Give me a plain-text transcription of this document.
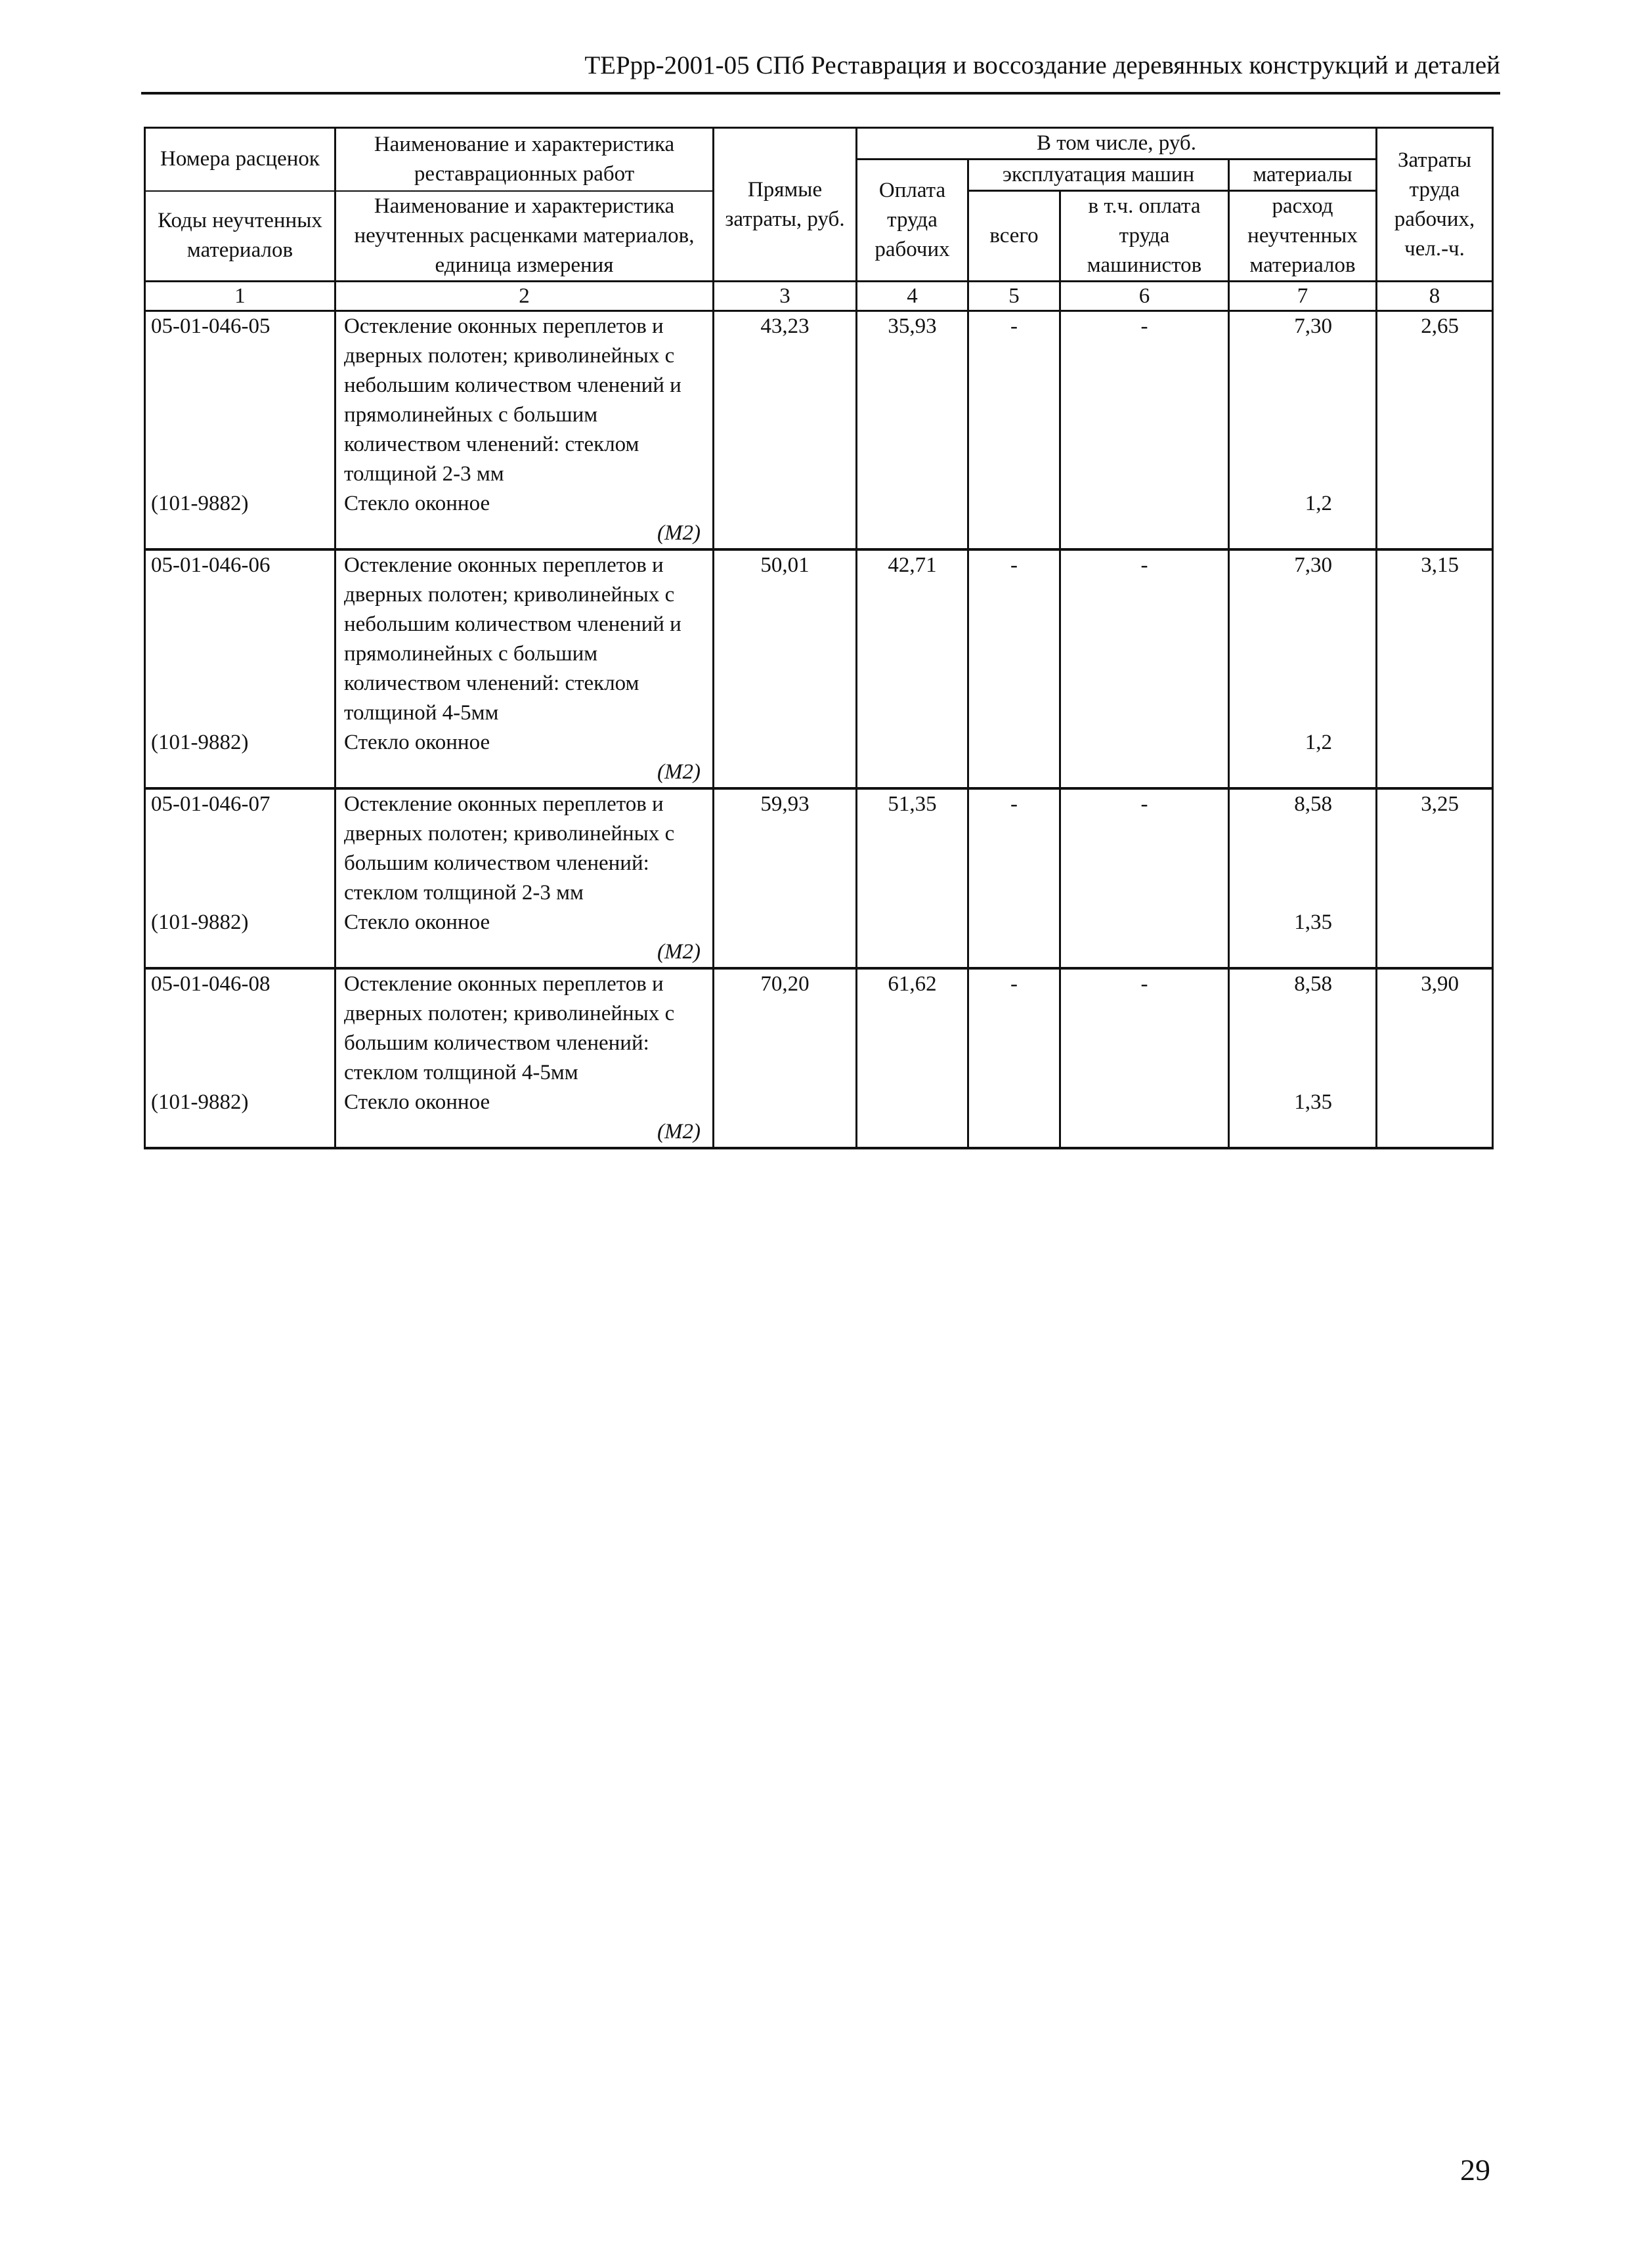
ТЕРрр-2001-05 СПб Реставрация и воссоздание деревянных конструкций и деталей
Номера расценок	Наименование и характеристика реставрационных работ	Прямые затраты, руб.	В том числе, руб.				Затраты труда рабочих, чел.-ч.
			Оплата труда рабочих	эксплуатация машин		материалы	
Коды неучтенных материалов	Наименование и характеристика неучтенных расценками материалов, единица измерения			всего	в т.ч. оплата труда машинистов	расход неучтенных материалов	

1	2	3	4	5	6	7	8
05-01-046-05	Остекление оконных переплетов и дверных полотен; криволинейных с небольшим количеством членений и прямолинейных с большим количеством членений: стеклом толщиной 2-3 мм	43,23	35,93	-	-	7,30	2,65
(101-9882)	Стекло оконное					1,2	
	(М2)						
05-01-046-06	Остекление оконных переплетов и дверных полотен; криволинейных с небольшим количеством членений и прямолинейных с большим количеством членений: стеклом толщиной 4-5мм	50,01	42,71	-	-	7,30	3,15
(101-9882)	Стекло оконное					1,2	
	(М2)						
05-01-046-07	Остекление оконных переплетов и дверных полотен; криволинейных с большим количеством членений: стеклом толщиной 2-3 мм	59,93	51,35	-	-	8,58	3,25
(101-9882)	Стекло оконное					1,35	
	(М2)						
05-01-046-08	Остекление оконных переплетов и дверных полотен; криволинейных с большим количеством членений: стеклом толщиной 4-5мм	70,20	61,62	-	-	8,58	3,90
(101-9882)	Стекло оконное					1,35	
	(М2)						
29
